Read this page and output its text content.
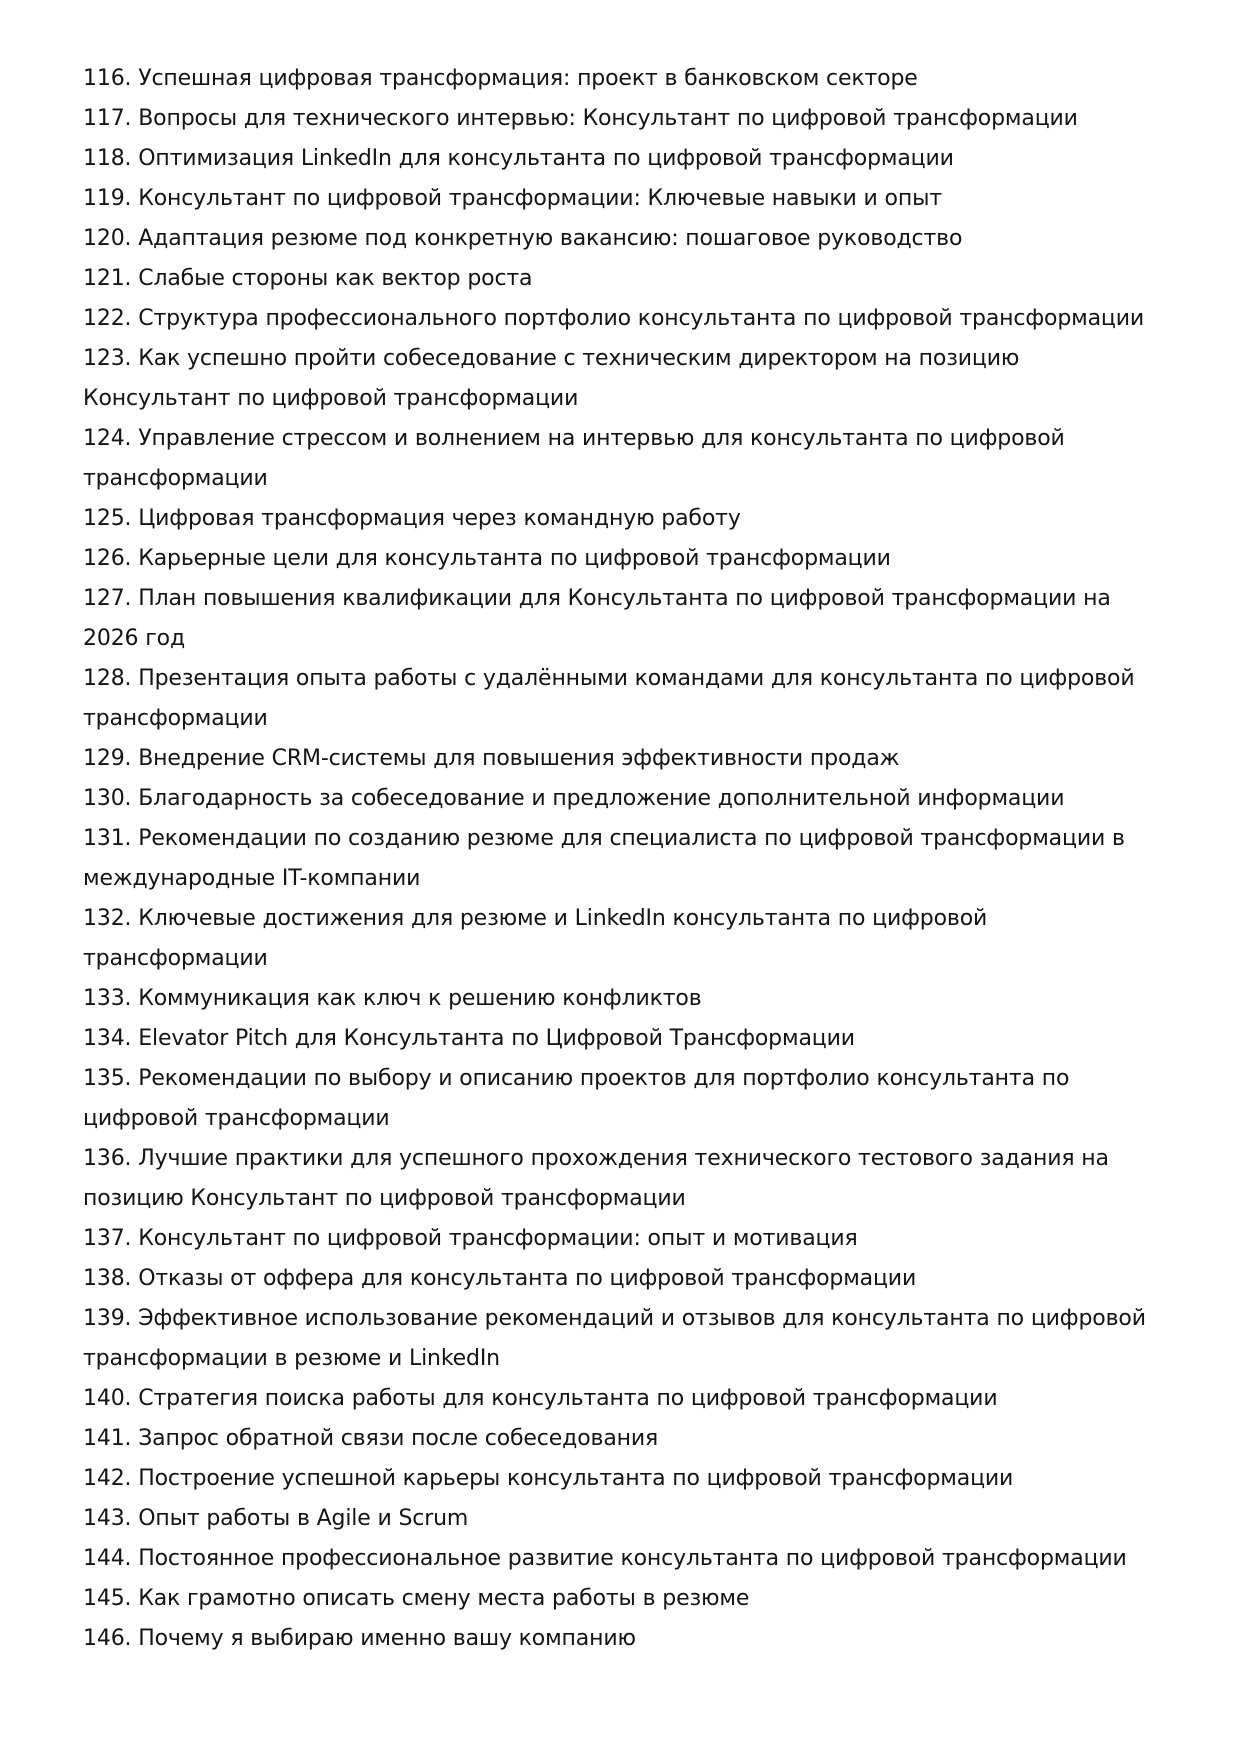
116. Успешная цифровая трансформация: проект в банковском секторе
117. Вопросы для технического интервью: Консультант по цифровой трансформации
118. Оптимизация LinkedIn для консультанта по цифровой трансформации
119. Консультант по цифровой трансформации: Ключевые навыки и опыт
120. Адаптация резюме под конкретную вакансию: пошаговое руководство
121. Слабые стороны как вектор роста
122. Структура профессионального портфолио консультанта по цифровой трансформации
123. Как успешно пройти собеседование с техническим директором на позицию Консультант по цифровой трансформации
124. Управление стрессом и волнением на интервью для консультанта по цифровой трансформации
125. Цифровая трансформация через командную работу
126. Карьерные цели для консультанта по цифровой трансформации
127. План повышения квалификации для Консультанта по цифровой трансформации на 2026 год
128. Презентация опыта работы с удалёнными командами для консультанта по цифровой трансформации
129. Внедрение CRM-системы для повышения эффективности продаж
130. Благодарность за собеседование и предложение дополнительной информации
131. Рекомендации по созданию резюме для специалиста по цифровой трансформации в международные IT-компании
132. Ключевые достижения для резюме и LinkedIn консультанта по цифровой трансформации
133. Коммуникация как ключ к решению конфликтов
134. Elevator Pitch для Консультанта по Цифровой Трансформации
135. Рекомендации по выбору и описанию проектов для портфолио консультанта по цифровой трансформации
136. Лучшие практики для успешного прохождения технического тестового задания на позицию Консультант по цифровой трансформации
137. Консультант по цифровой трансформации: опыт и мотивация
138. Отказы от оффера для консультанта по цифровой трансформации
139. Эффективное использование рекомендаций и отзывов для консультанта по цифровой трансформации в резюме и LinkedIn
140. Стратегия поиска работы для консультанта по цифровой трансформации
141. Запрос обратной связи после собеседования
142. Построение успешной карьеры консультанта по цифровой трансформации
143. Опыт работы в Agile и Scrum
144. Постоянное профессиональное развитие консультанта по цифровой трансформации
145. Как грамотно описать смену места работы в резюме
146. Почему я выбираю именно вашу компанию
